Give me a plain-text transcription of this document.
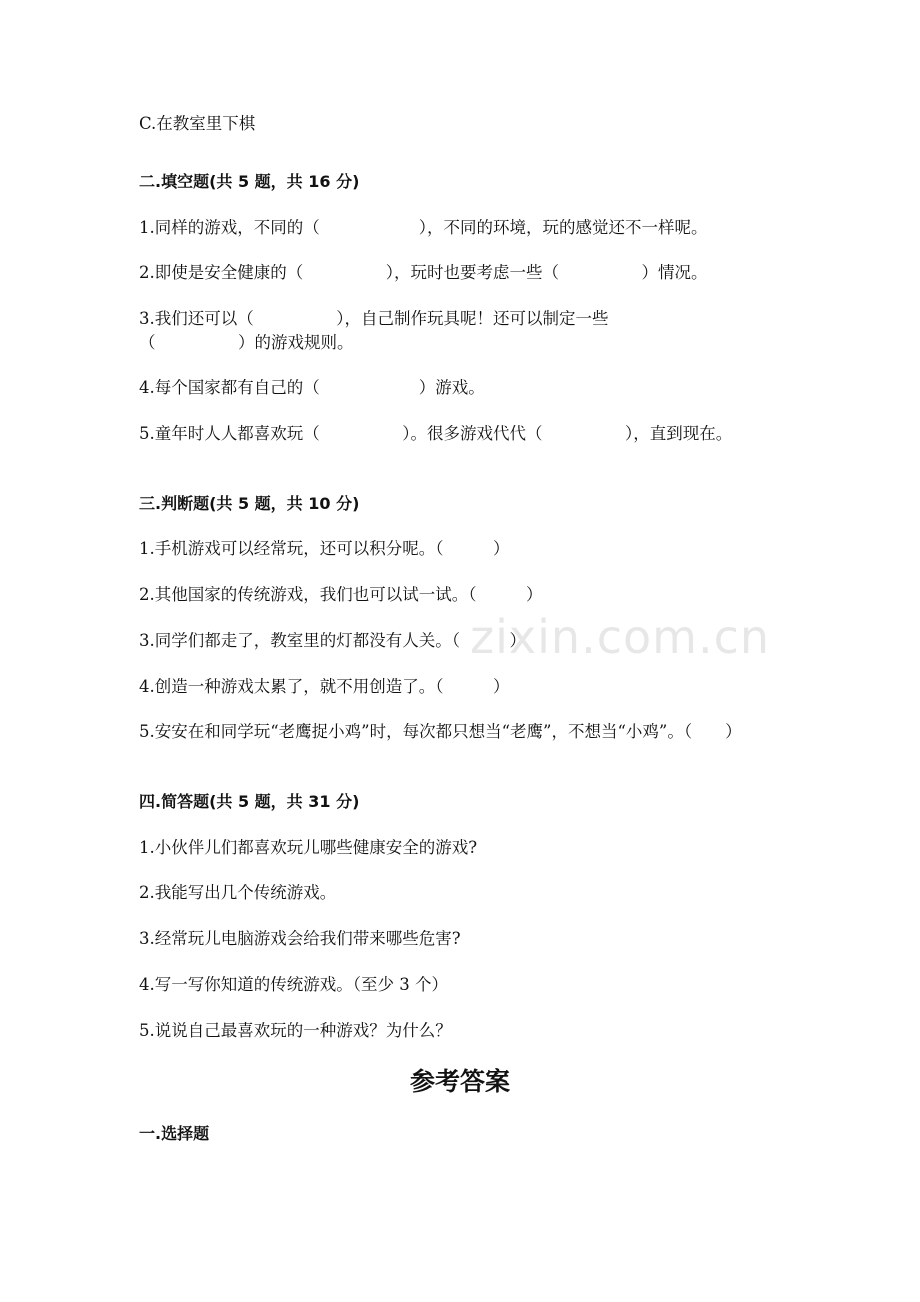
C.在教室里下棋
二.填空题(共 5 题，共 16 分)
1.同样的游戏，不同的（　　　　　　），不同的环境，玩的感觉还不一样呢。
2.即使是安全健康的（　　　　　），玩时也要考虑一些（　　　　　）情况。
3.我们还可以（　　　　　），自己制作玩具呢！还可以制定一些（　　　　　）的游戏规则。
4.每个国家都有自己的（　　　　　　）游戏。
5.童年时人人都喜欢玩（　　　　　）。很多游戏代代（　　　　　），直到现在。
三.判断题(共 5 题，共 10 分)
1.手机游戏可以经常玩，还可以积分呢。（　　　）
2.其他国家的传统游戏，我们也可以试一试。（　　　）
3.同学们都走了，教室里的灯都没有人关。（　　　）
4.创造一种游戏太累了，就不用创造了。（　　　）
5.安安在和同学玩“老鹰捉小鸡”时，每次都只想当“老鹰”，不想当“小鸡”。（　　）
四.简答题(共 5 题，共 31 分)
1.小伙伴儿们都喜欢玩儿哪些健康安全的游戏?
2.我能写出几个传统游戏。
3.经常玩儿电脑游戏会给我们带来哪些危害?
4.写一写你知道的传统游戏。（至少 3 个）
5.说说自己最喜欢玩的一种游戏？为什么？
参考答案
一.选择题
zixin.com.cn
